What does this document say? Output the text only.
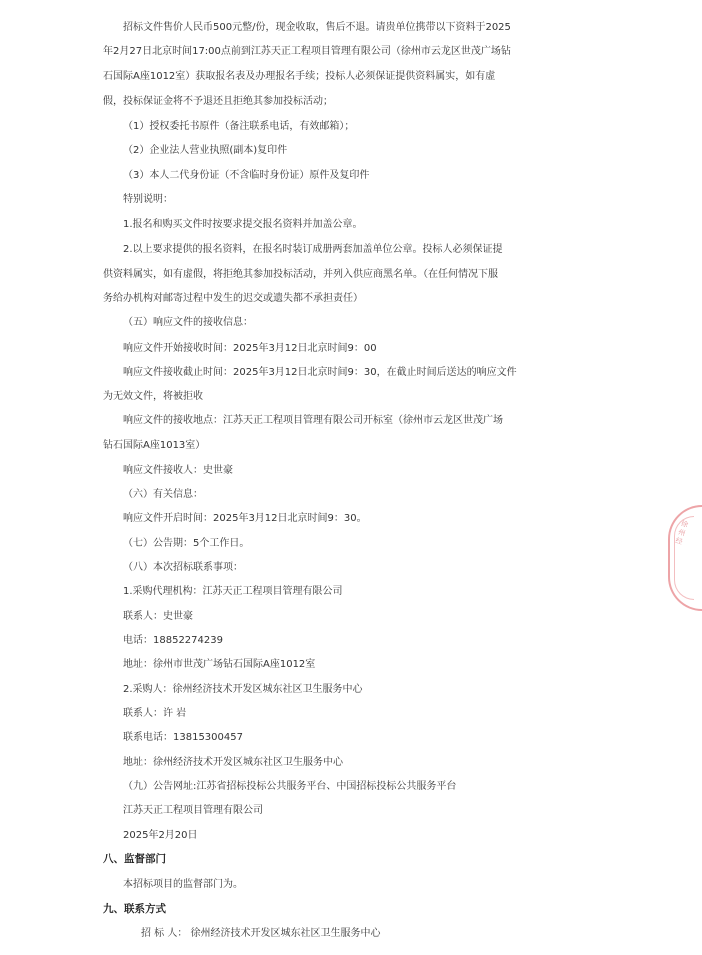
招标文件售价人民币500元整/份，现金收取，售后不退。请贵单位携带以下资料于2025
年2月27日北京时间17:00点前到江苏天正工程项目管理有限公司（徐州市云龙区世茂广场钻
石国际A座1012室）获取报名表及办理报名手续；投标人必须保证提供资料属实，如有虚
假，投标保证金将不予退还且拒绝其参加投标活动；
（1）授权委托书原件（备注联系电话，有效邮箱）；
（2）企业法人营业执照(副本)复印件
（3）本人二代身份证（不含临时身份证）原件及复印件
特别说明：
1.报名和购买文件时按要求提交报名资料并加盖公章。
2.以上要求提供的报名资料，在报名时装订成册两套加盖单位公章。投标人必须保证提
供资料属实，如有虚假，将拒绝其参加投标活动，并列入供应商黑名单。（在任何情况下服
务给办机构对邮寄过程中发生的迟交或遗失都不承担责任）
（五）响应文件的接收信息：
响应文件开始接收时间：2025年3月12日北京时间9：00
响应文件接收截止时间：2025年3月12日北京时间9：30，在截止时间后送达的响应文件
为无效文件，将被拒收
响应文件的接收地点：江苏天正工程项目管理有限公司开标室（徐州市云龙区世茂广场
钻石国际A座1013室）
响应文件接收人：史世豪
（六）有关信息：
响应文件开启时间：2025年3月12日北京时间9：30。
（七）公告期：5个工作日。
（八）本次招标联系事项：
1.采购代理机构：江苏天正工程项目管理有限公司
联系人：史世豪
电话：18852274239
地址：徐州市世茂广场钻石国际A座1012室
2.采购人：徐州经济技术开发区城东社区卫生服务中心
联系人：许 岩
联系电话：13815300457
地址：徐州经济技术开发区城东社区卫生服务中心
（九）公告网址:江苏省招标投标公共服务平台、中国招标投标公共服务平台
江苏天正工程项目管理有限公司
2025年2月20日
八、监督部门
本招标项目的监督部门为。
九、联系方式
招 标 人： 徐州经济技术开发区城东社区卫生服务中心
徐州经
